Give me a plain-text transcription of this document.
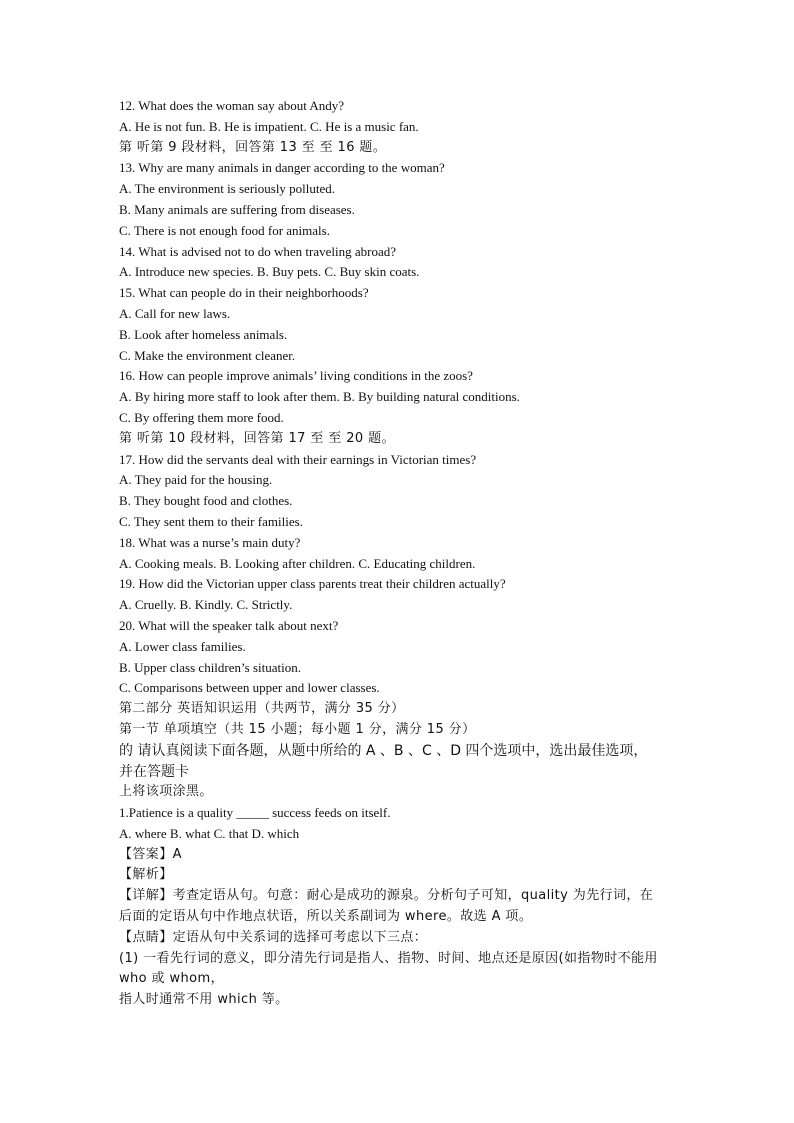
12. What does the woman say about Andy?
A. He is not fun. B. He is impatient. C. He is a music fan.
第 听第 9 段材料，回答第 13 至 至 16 题。
13. Why are many animals in danger according to the woman?
A. The environment is seriously polluted.
B. Many animals are suffering from diseases.
C. There is not enough food for animals.
14. What is advised not to do when traveling abroad?
A. Introduce new species. B. Buy pets. C. Buy skin coats.
15. What can people do in their neighborhoods?
A. Call for new laws.
B. Look after homeless animals.
C. Make the environment cleaner.
16. How can people improve animals’ living conditions in the zoos?
A. By hiring more staff to look after them. B. By building natural conditions.
C. By offering them more food.
第 听第 10 段材料，回答第 17 至 至 20 题。
17. How did the servants deal with their earnings in Victorian times?
A. They paid for the housing.
B. They bought food and clothes.
C. They sent them to their families.
18. What was a nurse’s main duty?
A. Cooking meals. B. Looking after children. C. Educating children.
19. How did the Victorian upper class parents treat their children actually?
A. Cruelly. B. Kindly. C. Strictly.
20. What will the speaker talk about next?
A. Lower class families.
B. Upper class children’s situation.
C. Comparisons between upper and lower classes.
第二部分 英语知识运用（共两节，满分 35 分）
第一节 单项填空（共 15 小题；每小题 1 分，满分 15 分）
的 请认真阅读下面各题，从题中所给的 A 、B 、C 、D 四个选项中，选出最佳选项，
并在答题卡
上将该项涂黑。
1.Patience is a quality _____ success feeds on itself.
A. where B. what C. that D. which
【答案】A
【解析】
【详解】考查定语从句。句意：耐心是成功的源泉。分析句子可知，quality 为先行词，在
后面的定语从句中作地点状语，所以关系副词为 where。故选 A 项。
【点睛】定语从句中关系词的选择可考虑以下三点：
(1) 一看先行词的意义，即分清先行词是指人、指物、时间、地点还是原因(如指物时不能用
who 或 whom，
指人时通常不用 which 等。
